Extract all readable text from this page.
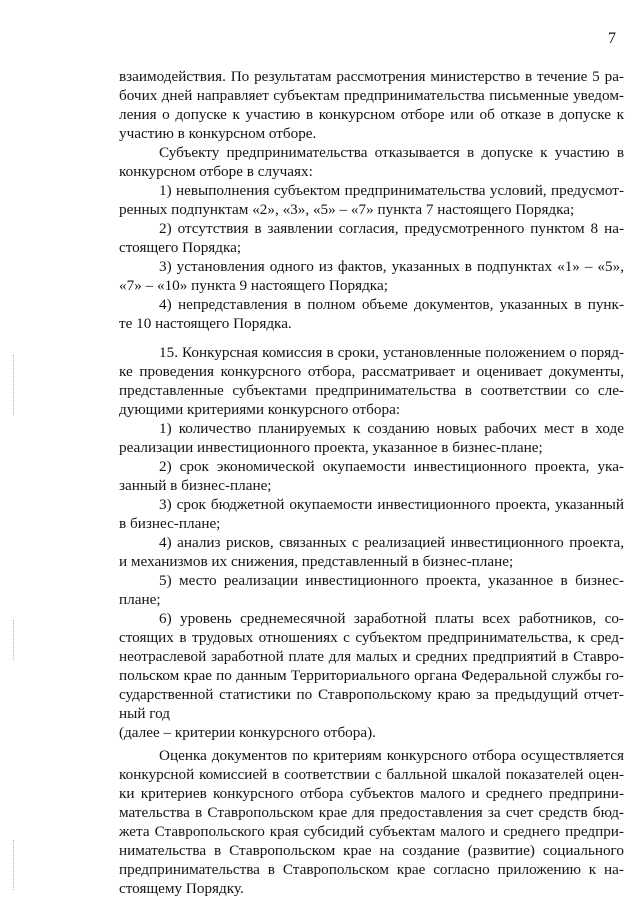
7
взаимодействия. По результатам рассмотрения министерство в течение 5 ра-
бочих дней направляет субъектам предпринимательства письменные уведом-
ления о допуске к участию в конкурсном отборе или об отказе в допуске к
участию в конкурсном отборе.
Субъекту предпринимательства отказывается в допуске к участию в
конкурсном отборе в случаях:
1) невыполнения субъектом предпринимательства условий, предусмот-
ренных подпунктам «2», «3», «5» – «7» пункта 7 настоящего Порядка;
2) отсутствия в заявлении согласия, предусмотренного пунктом 8 на-
стоящего Порядка;
3) установления одного из фактов, указанных в подпунктах «1» – «5»,
«7» – «10» пункта 9 настоящего Порядка;
4) непредставления в полном объеме документов, указанных в пунк-
те 10 настоящего Порядка.
15. Конкурсная комиссия в сроки, установленные положением о поряд-
ке проведения конкурсного отбора, рассматривает и оценивает документы,
представленные субъектами предпринимательства в соответствии со сле-
дующими критериями конкурсного отбора:
1) количество планируемых к созданию новых рабочих мест в ходе
реализации инвестиционного проекта, указанное в бизнес-плане;
2) срок экономической окупаемости инвестиционного проекта, ука-
занный в бизнес-плане;
3) срок бюджетной окупаемости инвестиционного проекта, указанный
в бизнес-плане;
4) анализ рисков, связанных с реализацией инвестиционного проекта,
и механизмов их снижения, представленный в бизнес-плане;
5) место реализации инвестиционного проекта, указанное в бизнес-
плане;
6) уровень среднемесячной заработной платы всех работников, со-
стоящих в трудовых отношениях с субъектом предпринимательства, к сред-
неотраслевой заработной плате для малых и средних предприятий в Ставро-
польском крае по данным Территориального органа Федеральной службы го-
сударственной статистики по Ставропольскому краю за предыдущий отчет-
ный год
(далее – критерии конкурсного отбора).
Оценка документов по критериям конкурсного отбора осуществляется
конкурсной комиссией в соответствии с балльной шкалой показателей оцен-
ки критериев конкурсного отбора субъектов малого и среднего предприни-
мательства в Ставропольском крае для предоставления за счет средств бюд-
жета Ставропольского края субсидий субъектам малого и среднего предпри-
нимательства в Ставропольском крае на создание (развитие) социального
предпринимательства в Ставропольском крае согласно приложению к на-
стоящему Порядку.
